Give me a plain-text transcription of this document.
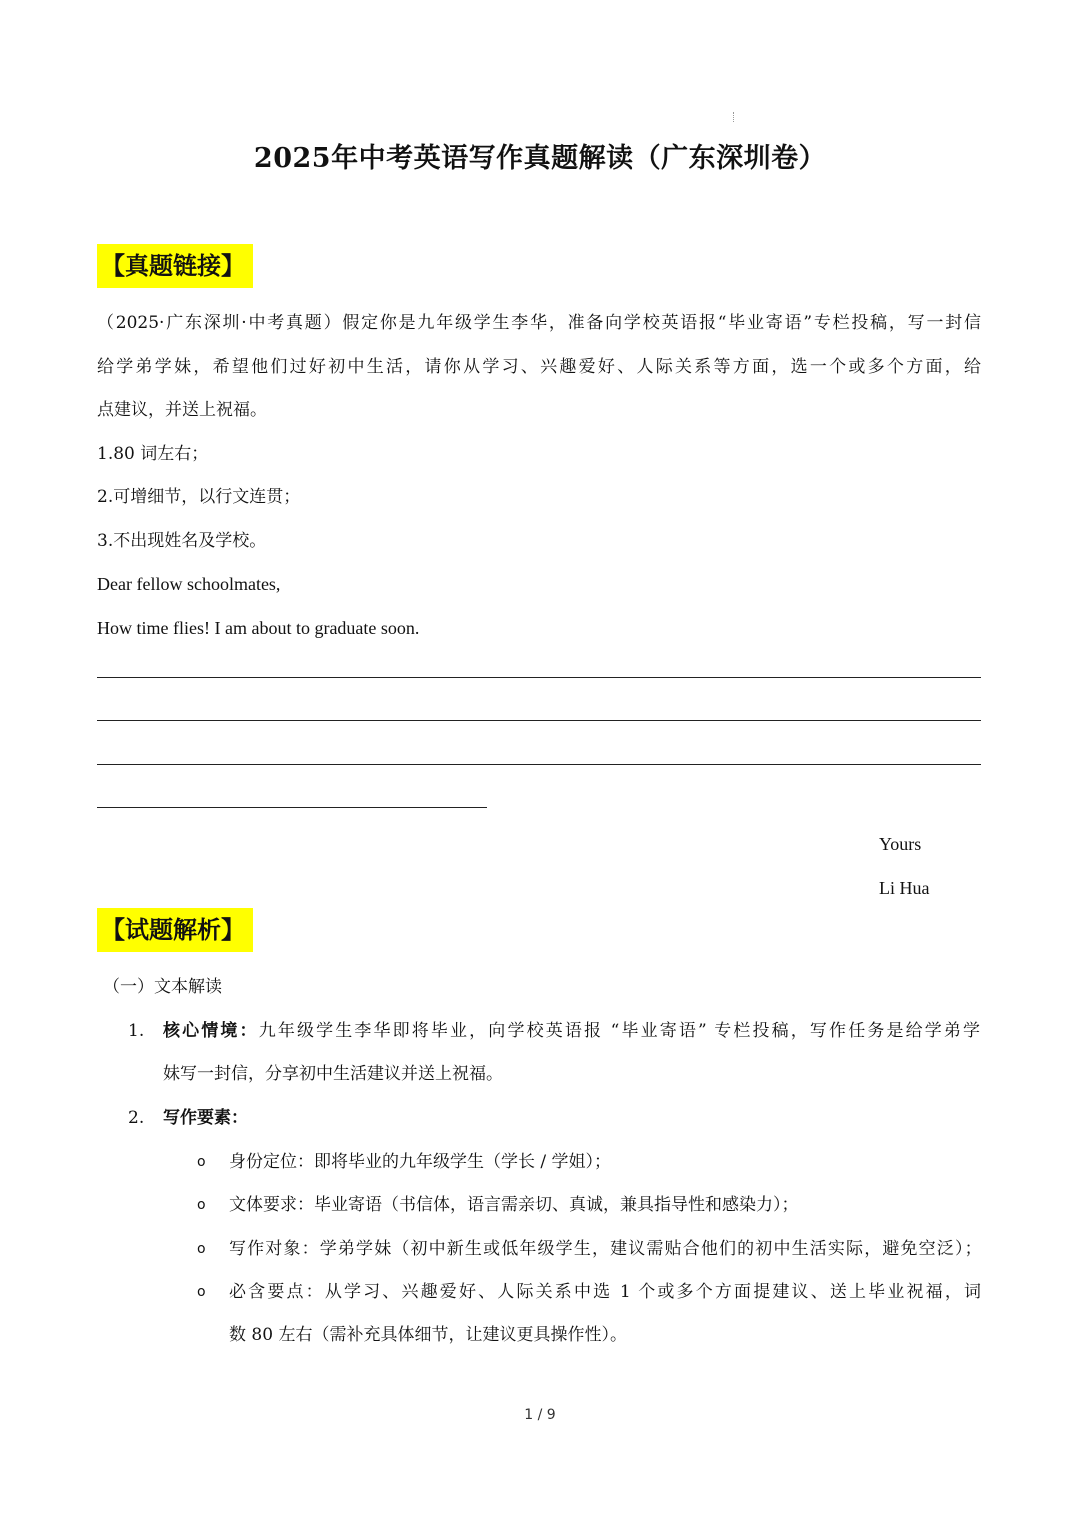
2025年中考英语写作真题解读（广东深圳卷）
【真题链接】
（2025·广东深圳·中考真题）假定你是九年级学生李华，准备向学校英语报“毕业寄语”专栏投稿，写一封信
给学弟学妹，希望他们过好初中生活，请你从学习、兴趣爱好、人际关系等方面，选一个或多个方面，给
点建议，并送上祝福。
1.80 词左右；
2.可增细节，以行文连贯；
3.不出现姓名及学校。
Dear fellow schoolmates,
How time flies! I am about to graduate soon.
Yours
Li Hua
【试题解析】
（一）文本解读
1. 核心情境：九年级学生李华即将毕业，向学校英语报 “毕业寄语” 专栏投稿，写作任务是给学弟学
妹写一封信，分享初中生活建议并送上祝福。
2. 写作要素：
o 身份定位：即将毕业的九年级学生（学长 / 学姐）；
o 文体要求：毕业寄语（书信体，语言需亲切、真诚，兼具指导性和感染力）；
o 写作对象：学弟学妹（初中新生或低年级学生，建议需贴合他们的初中生活实际，避免空泛）；
o 必含要点：从学习、兴趣爱好、人际关系中选 1 个或多个方面提建议、送上毕业祝福，词
数 80 左右（需补充具体细节，让建议更具操作性）。
1 / 9
